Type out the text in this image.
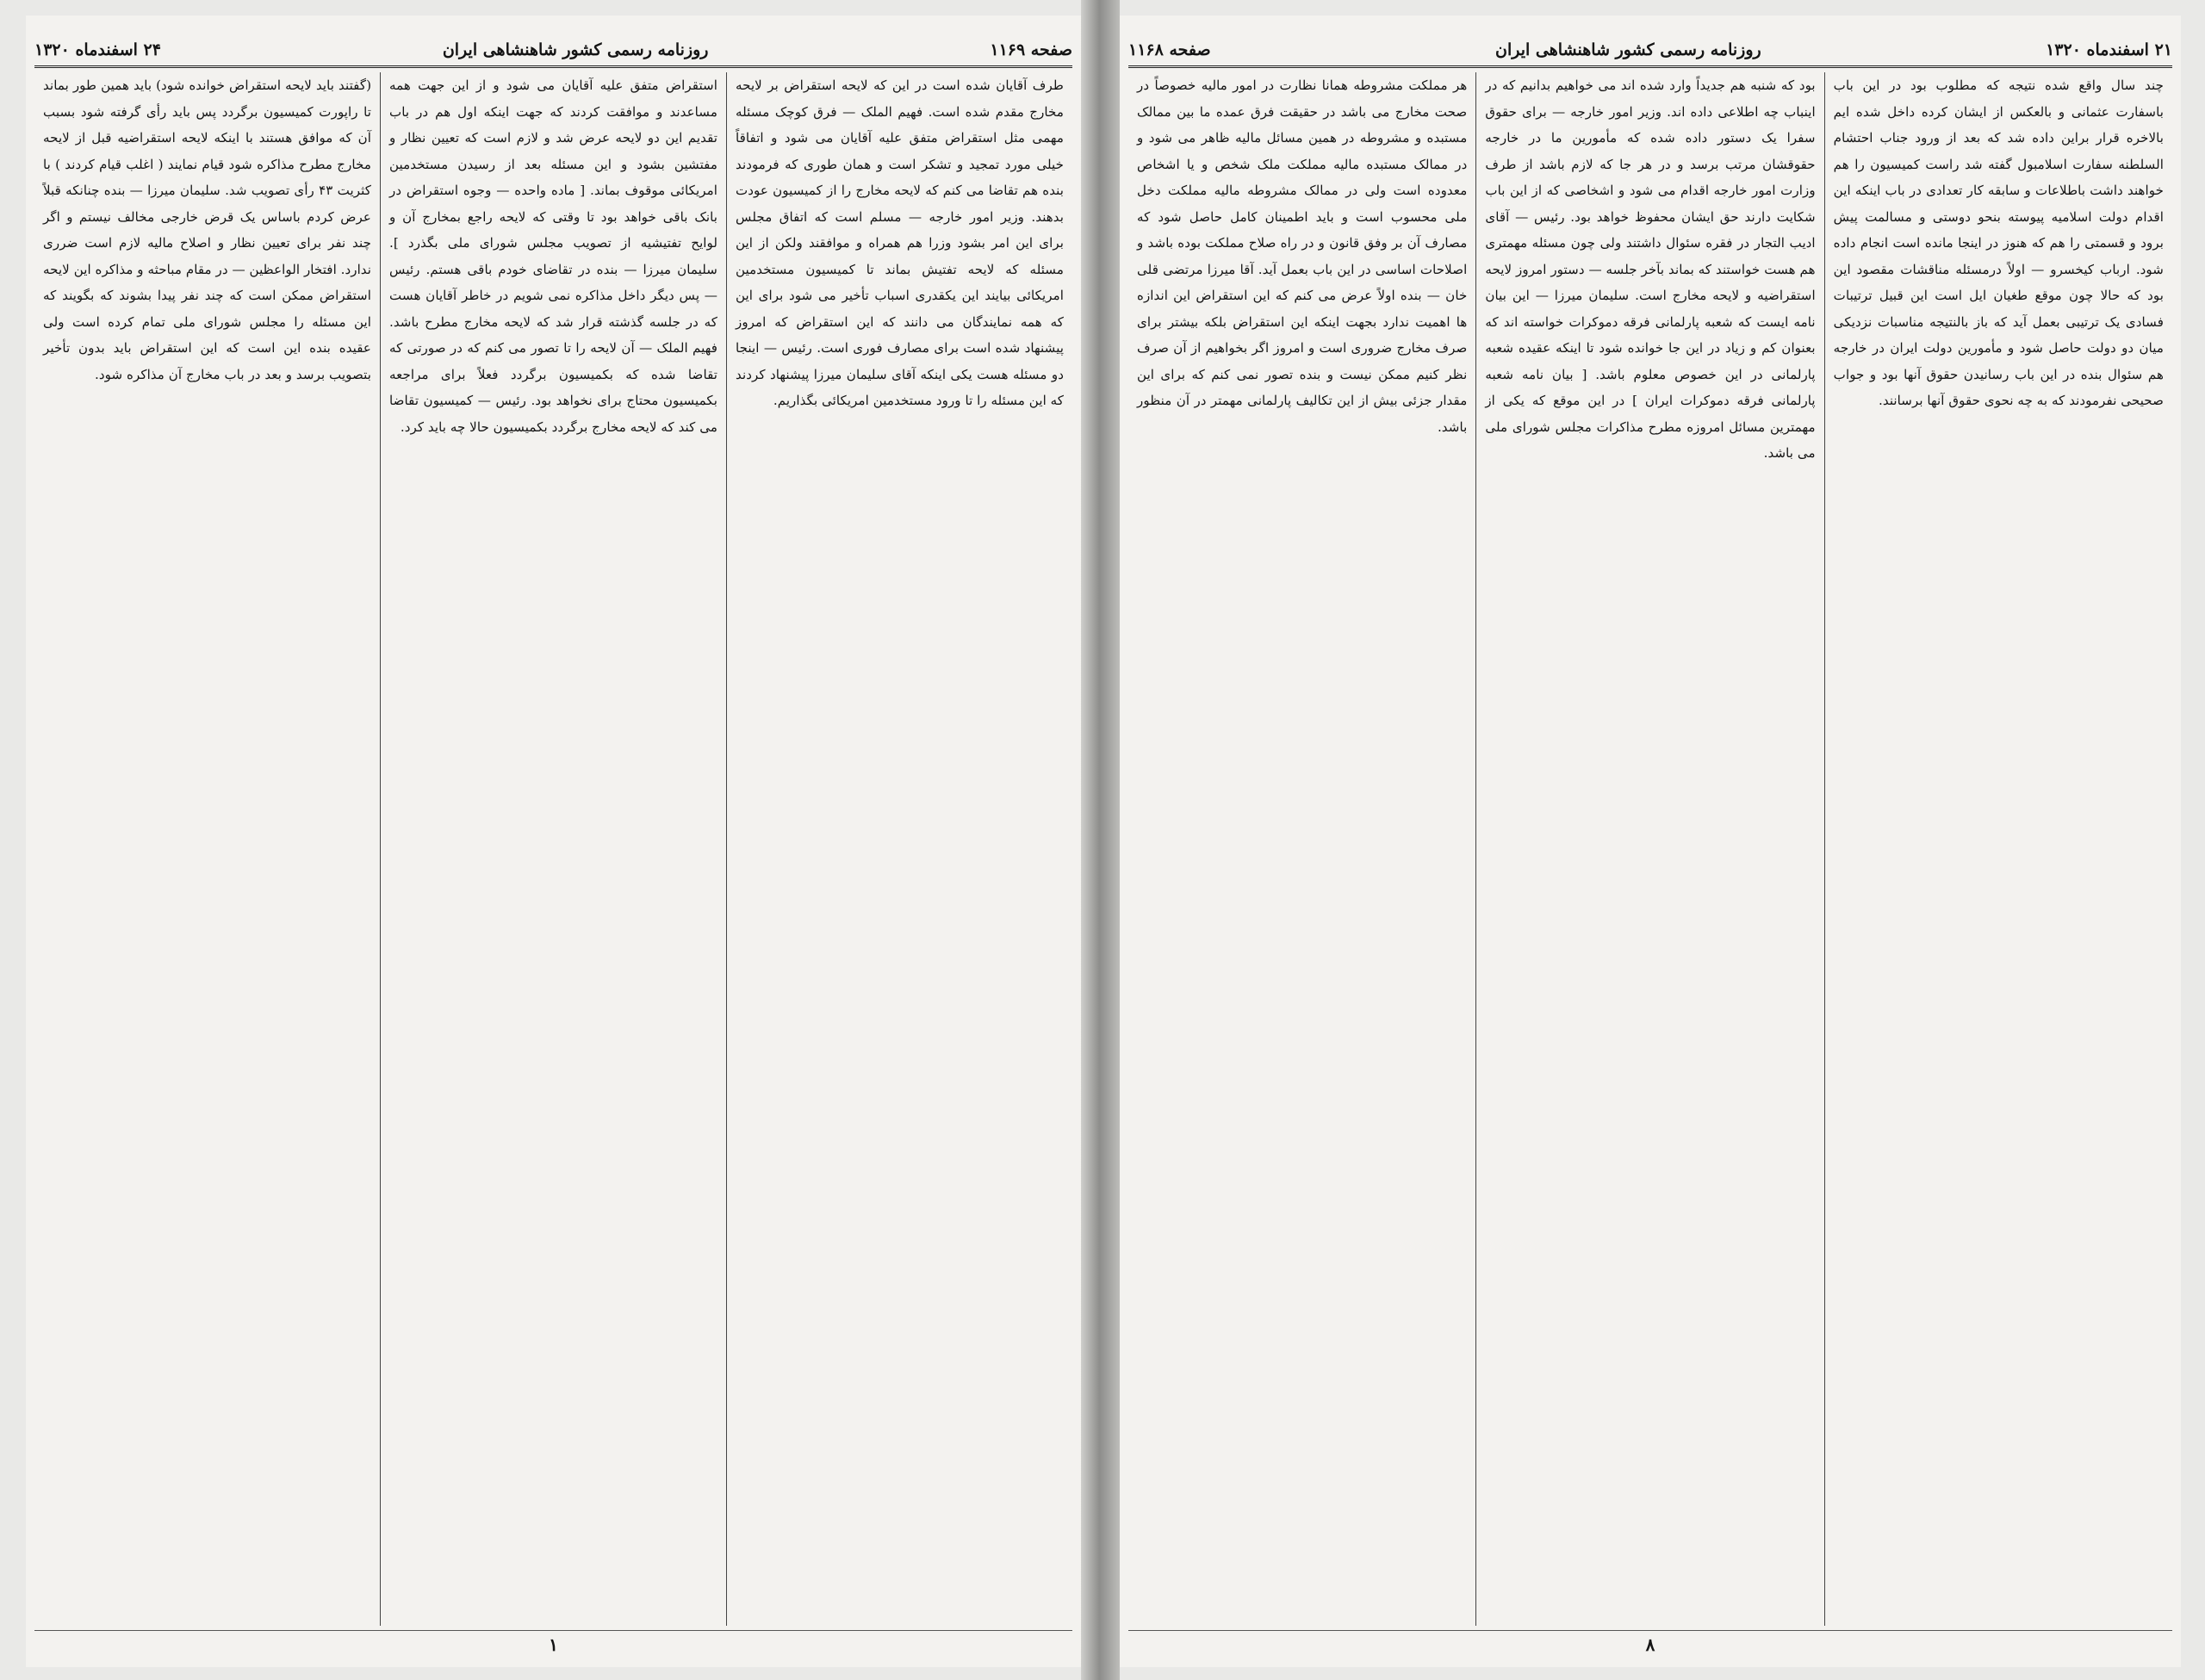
صفحه ۱۱۶۹
روزنامه رسمی کشور شاهنشاهی ایران
۲۴ اسفندماه ۱۳۲۰

طرف آقایان شده است در این که لایحه استقراض بر لایحه مخارج مقدم شده است. فهیم الملک — فرق کوچک مسئله مهمی مثل استقراض متفق علیه آقایان می شود و اتفاقاً خیلی مورد تمجید و تشکر است و همان طوری که فرمودند بنده هم تقاضا می کنم که لایحه مخارج را از کمیسیون عودت بدهند. وزیر امور خارجه — مسلم است که اتفاق مجلس برای این امر بشود وزرا هم همراه و موافقند ولکن از این مسئله که لایحه تفتیش بماند تا کمیسیون مستخدمین امریکائی بیایند این یکقدری اسباب تأخیر می شود برای این که همه نمایندگان می دانند که این استقراض که امروز پیشنهاد شده است برای مصارف فوری است. رئیس — اینجا دو مسئله هست یکی اینکه آقای سلیمان میرزا پیشنهاد کردند که این مسئله را تا ورود مستخدمین امریکائی بگذاریم.

استقراض متفق علیه آقایان می شود و از این جهت همه مساعدند و موافقت کردند که جهت اینکه اول هم در باب تقدیم این دو لایحه عرض شد و لازم است که تعیین نظار و مفتشین بشود و این مسئله بعد از رسیدن مستخدمین امریکائی موقوف بماند. [ ماده واحده — وجوه استقراض در بانک باقی خواهد بود تا وقتی که لایحه راجع بمخارج آن و لوایح تفتیشیه از تصویب مجلس شورای ملی بگذرد ]. سلیمان میرزا — بنده در تقاضای خودم باقی هستم. رئیس — پس دیگر داخل مذاکره نمی شویم در خاطر آقایان هست که در جلسه گذشته قرار شد که لایحه مخارج مطرح باشد. فهیم الملک — آن لایحه را تا تصور می کنم که در صورتی که تقاضا شده که بکمیسیون برگردد فعلاً برای مراجعه بکمیسیون محتاج برای نخواهد بود. رئیس — کمیسیون تقاضا می کند که لایحه مخارج برگردد بکمیسیون حالا چه باید کرد.

(گفتند باید لایحه استقراض خوانده شود) باید همین طور بماند تا راپورت کمیسیون برگردد پس باید رأی گرفته شود بسبب آن که موافق هستند با اینکه لایحه استقراضیه قبل از لایحه مخارج مطرح مذاکره شود قیام نمایند ( اغلب قیام کردند ) با کثریت ۴۳ رأی تصویب شد. سلیمان میرزا — بنده چنانکه قبلاً عرض کردم باساس یک قرض خارجی مخالف نیستم و اگر چند نفر برای تعیین نظار و اصلاح مالیه لازم است ضرری ندارد. افتخار الواعظین — در مقام مباحثه و مذاکره این لایحه استقراض ممکن است که چند نفر پیدا بشوند که بگویند که این مسئله را مجلس شورای ملی تمام کرده است ولی عقیده بنده این است که این استقراض باید بدون تأخیر بتصویب برسد و بعد در باب مخارج آن مذاکره شود.

۱
۲۱ اسفندماه ۱۳۲۰
روزنامه رسمی کشور شاهنشاهی ایران
صفحه ۱۱۶۸

چند سال واقع شده نتیجه که مطلوب بود در این باب باسفارت عثمانی و بالعکس از ایشان کرده داخل شده ایم بالاخره قرار براین داده شد که بعد از ورود جناب احتشام السلطنه سفارت اسلامبول گفته شد راست کمیسیون را هم خواهند داشت باطلاعات و سابقه کار تعدادی در باب اینکه این اقدام دولت اسلامیه پیوسته بنحو دوستی و مسالمت پیش برود و قسمتی را هم که هنوز در اینجا مانده است انجام داده شود. ارباب کیخسرو — اولاً درمسئله مناقشات مقصود این بود که حالا چون موقع طغیان ایل است این قبیل ترتیبات فسادی یک ترتیبی بعمل آید که باز بالنتیجه مناسبات نزدیکی میان دو دولت حاصل شود و مأمورین دولت ایران در خارجه هم سئوال بنده در این باب رسانیدن حقوق آنها بود و جواب صحیحی نفرمودند که به چه نحوی حقوق آنها برسانند.

بود که شنبه هم جدیداً وارد شده اند می خواهیم بدانیم که در اینباب چه اطلاعی داده اند. وزیر امور خارجه — برای حقوق سفرا یک دستور داده شده که مأمورین ما در خارجه حقوقشان مرتب برسد و در هر جا که لازم باشد از طرف وزارت امور خارجه اقدام می شود و اشخاصی که از این باب شکایت دارند حق ایشان محفوظ خواهد بود. رئیس — آقای ادیب التجار در فقره سئوال داشتند ولی چون مسئله مهمتری هم هست خواستند که بماند بآخر جلسه — دستور امروز لایحه استقراضیه و لایحه مخارج است. سلیمان میرزا — این بیان نامه ایست که شعبه پارلمانی فرقه دموکرات خواسته اند که بعنوان کم و زیاد در این جا خوانده شود تا اینکه عقیده شعبه پارلمانی در این خصوص معلوم باشد. [ بیان نامه شعبه پارلمانی فرقه دموکرات ایران ] در این موقع که یکی از مهمترین مسائل امروزه مطرح مذاکرات مجلس شورای ملی می باشد.

هر مملکت مشروطه همانا نظارت در امور مالیه خصوصاً در صحت مخارج می باشد در حقیقت فرق عمده ما بین ممالک مستبده و مشروطه در همین مسائل مالیه ظاهر می شود و در ممالک مستبده مالیه مملکت ملک شخص و یا اشخاص معدوده است ولی در ممالک مشروطه مالیه مملکت دخل ملی محسوب است و باید اطمینان کامل حاصل شود که مصارف آن بر وفق قانون و در راه صلاح مملکت بوده باشد و اصلاحات اساسی در این باب بعمل آید. آقا میرزا مرتضی قلی خان — بنده اولاً عرض می کنم که این استقراض این اندازه ها اهمیت ندارد بجهت اینکه این استقراض بلکه بیشتر برای صرف مخارج ضروری است و امروز اگر بخواهیم از آن صرف نظر کنیم ممکن نیست و بنده تصور نمی کنم که برای این مقدار جزئی بیش از این تکالیف پارلمانی مهمتر در آن منظور باشد.

۸
